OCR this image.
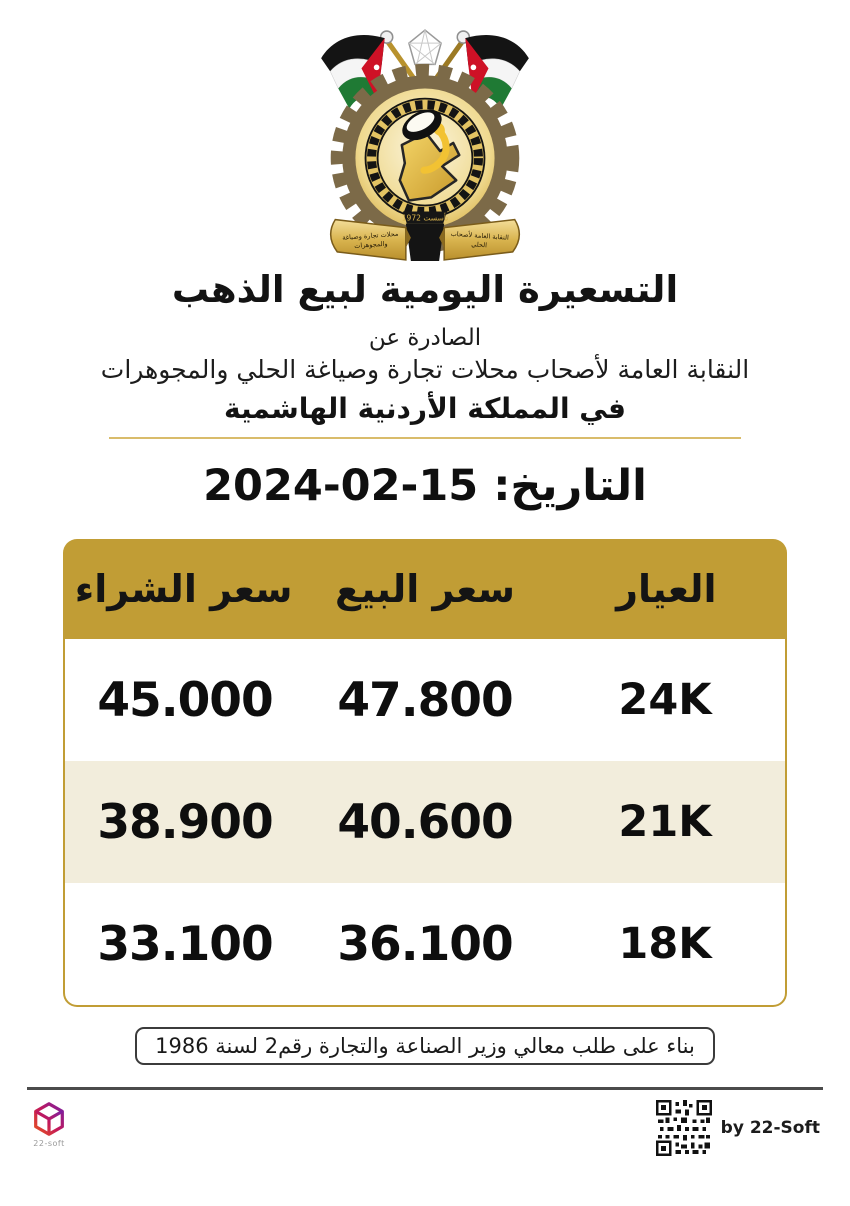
تأسست 1972
النقابة العامة لأصحاب
الحلي
محلات تجارة وصياغة
والمجوهرات
التسعيرة اليومية لبيع الذهب
الصادرة عن
النقابة العامة لأصحاب محلات تجارة وصياغة الحلي والمجوهرات
في المملكة الأردنية الهاشمية
التاريخ: 15-02-2024
العيار
سعر البيع
سعر الشراء
24K
47.800
45.000
21K
40.600
38.900
18K
36.100
33.100
بناء على طلب معالي وزير الصناعة والتجارة رقم2 لسنة 1986
22-soft
by 22-Soft
